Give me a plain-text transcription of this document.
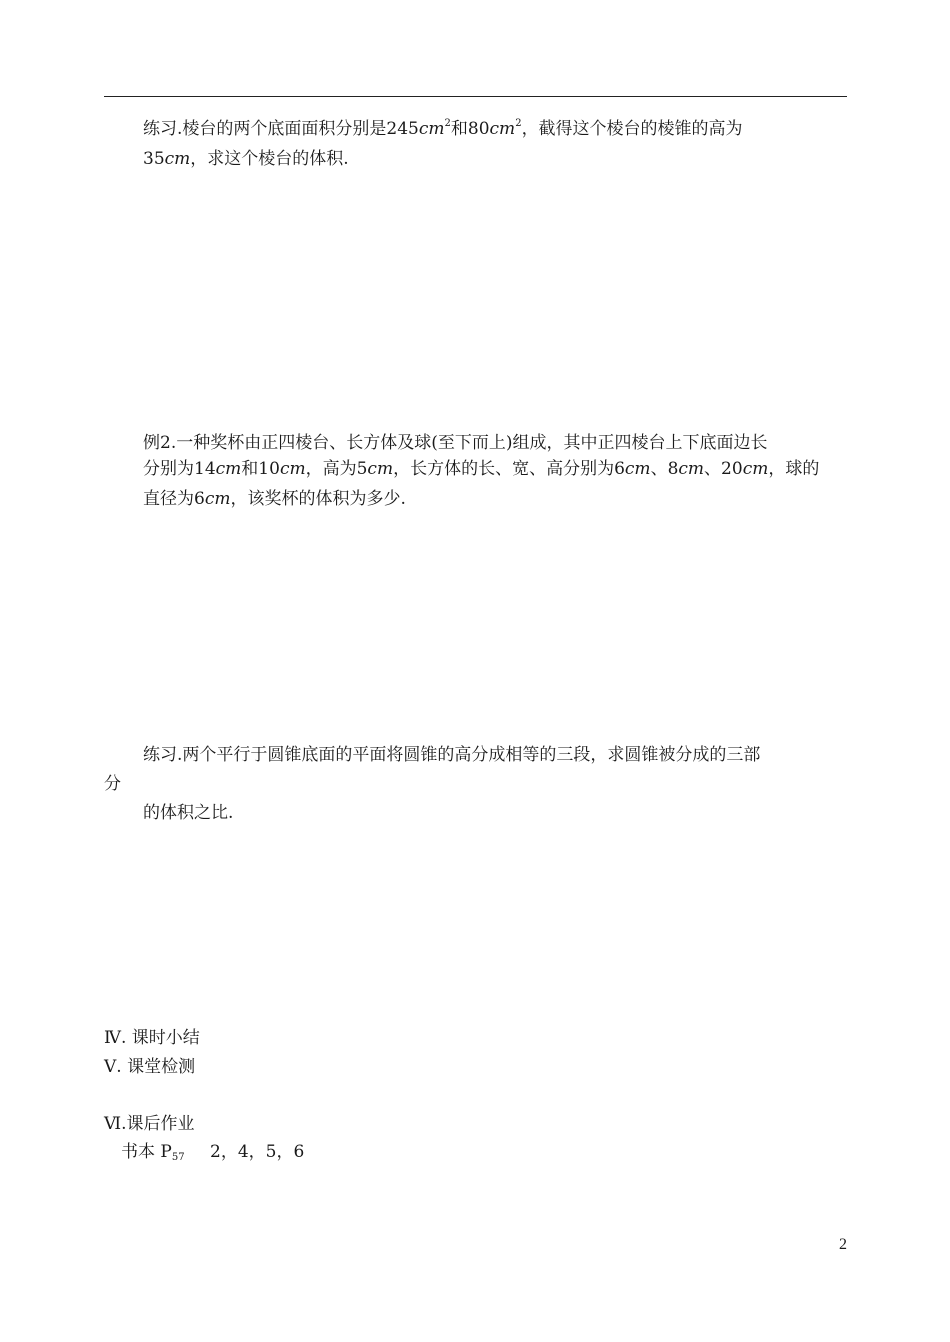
练习.棱台的两个底面面积分别是$245cm^2$和$80cm^2$，截得这个棱台的棱锥的高为
35cm，求这个棱台的体积.
例2.一种奖杯由正四棱台、长方体及球(至下而上)组成，其中正四棱台上下底面边长
分别为14cm和10cm，高为5cm，长方体的长、宽、高分别为6cm、8cm、20cm，球的
直径为6cm，该奖杯的体积为多少.
练习.两个平行于圆锥底面的平面将圆锥的高分成相等的三段，求圆锥被分成的三部
分
的体积之比.
Ⅳ. 课时小结
Ⅴ. 课堂检测
Ⅵ.课后作业
书本 $P_{57}$ 2，4，5，6
2
